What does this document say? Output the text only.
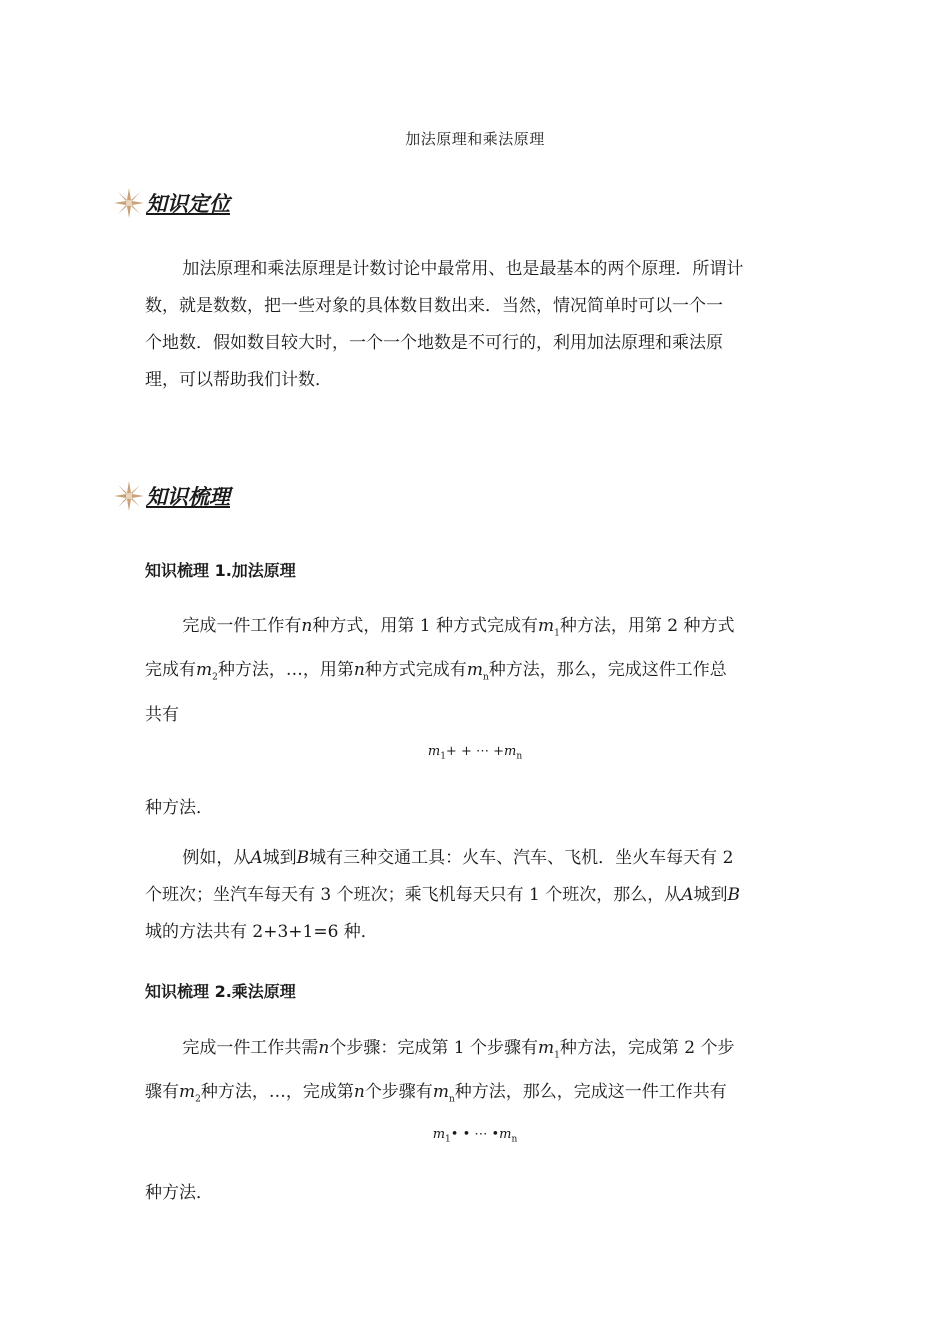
加法原理和乘法原理
知识定位
加法原理和乘法原理是计数讨论中最常用、也是最基本的两个原理．所谓计
数，就是数数，把一些对象的具体数目数出来．当然，情况简单时可以一个一
个地数．假如数目较大时，一个一个地数是不可行的，利用加法原理和乘法原
理，可以帮助我们计数．
知识梳理
知识梳理 1.加法原理
完成一件工作有n种方式，用第 1 种方式完成有$m_1$种方法，用第 2 种方式
完成有$m_2$种方法，…，用第n种方式完成有$m_n$种方法，那么，完成这件工作总
共有
$m_1+$ + ⋯ $+m_n$
种方法．
例如，从A城到B城有三种交通工具：火车、汽车、飞机．坐火车每天有 2
个班次；坐汽车每天有 3 个班次；乘飞机每天只有 1 个班次，那么，从A城到B
城的方法共有 2+3+1=6 种．
知识梳理 2.乘法原理
完成一件工作共需n个步骤：完成第 1 个步骤有$m_1$种方法，完成第 2 个步
骤有$m_2$种方法，…，完成第n个步骤有$m_n$种方法，那么，完成这一件工作共有
$m_1•$ • ⋯ $•m_n$
种方法．
